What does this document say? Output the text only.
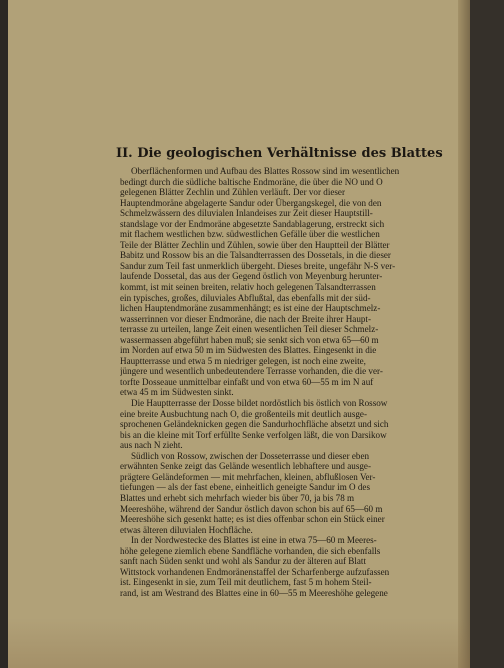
II. Die geologischen Verhältnisse des Blattes
Oberflächenformen und Aufbau des Blattes Rossow sind im wesentlichen
bedingt durch die südliche baltische Endmoräne, die über die NO und O
gelegenen Blätter Zechlin und Zühlen verläuft. Der vor dieser
Hauptendmoräne abgelagerte Sandur oder Übergangskegel, die von den
Schmelzwässern des diluvialen Inlandeises zur Zeit dieser Hauptstill-
standslage vor der Endmoräne abgesetzte Sandablagerung, erstreckt sich
mit flachem westlichen bzw. südwestlichen Gefälle über die westlichen
Teile der Blätter Zechlin und Zühlen, sowie über den Hauptteil der Blätter
Babitz und Rossow bis an die Talsandterrassen des Dossetals, in die dieser
Sandur zum Teil fast unmerklich übergeht. Dieses breite, ungefähr N-S ver-
laufende Dossetal, das aus der Gegend östlich von Meyenburg herunter-
kommt, ist mit seinen breiten, relativ hoch gelegenen Talsandterrassen
ein typisches, großes, diluviales Abflußtal, das ebenfalls mit der süd-
lichen Hauptendmoräne zusammenhängt; es ist eine der Hauptschmelz-
wasserrinnen vor dieser Endmoräne, die nach der Breite ihrer Haupt-
terrasse zu urteilen, lange Zeit einen wesentlichen Teil dieser Schmelz-
wassermassen abgeführt haben muß; sie senkt sich von etwa 65—60 m
im Norden auf etwa 50 m im Südwesten des Blattes. Eingesenkt in die
Hauptterrasse und etwa 5 m niedriger gelegen, ist noch eine zweite,
jüngere und wesentlich unbedeutendere Terrasse vorhanden, die die ver-
torfte Dosseaue unmittelbar einfaßt und von etwa 60—55 m im N auf
etwa 45 m im Südwesten sinkt.
Die Hauptterrasse der Dosse bildet nordöstlich bis östlich von Rossow
eine breite Ausbuchtung nach O, die großenteils mit deutlich ausge-
sprochenen Geländeknicken gegen die Sandurhochfläche absetzt und sich
bis an die kleine mit Torf erfüllte Senke verfolgen läßt, die von Darsikow
aus nach N zieht.
Südlich von Rossow, zwischen der Dosseterrasse und dieser eben
erwähnten Senke zeigt das Gelände wesentlich lebhaftere und ausge-
prägtere Geländeformen — mit mehrfachen, kleinen, abflußlosen Ver-
tiefungen — als der fast ebene, einheitlich geneigte Sandur im O des
Blattes und erhebt sich mehrfach wieder bis über 70, ja bis 78 m
Meereshöhe, während der Sandur östlich davon schon bis auf 65—60 m
Meereshöhe sich gesenkt hatte; es ist dies offenbar schon ein Stück einer
etwas älteren diluvialen Hochfläche.
In der Nordwestecke des Blattes ist eine in etwa 75—60 m Meeres-
höhe gelegene ziemlich ebene Sandfläche vorhanden, die sich ebenfalls
sanft nach Süden senkt und wohl als Sandur zu der älteren auf Blatt
Wittstock vorhandenen Endmoränenstaffel der Scharfenberge aufzufassen
ist. Eingesenkt in sie, zum Teil mit deutlichem, fast 5 m hohem Steil-
rand, ist am Westrand des Blattes eine in 60—55 m Meereshöhe gelegene
